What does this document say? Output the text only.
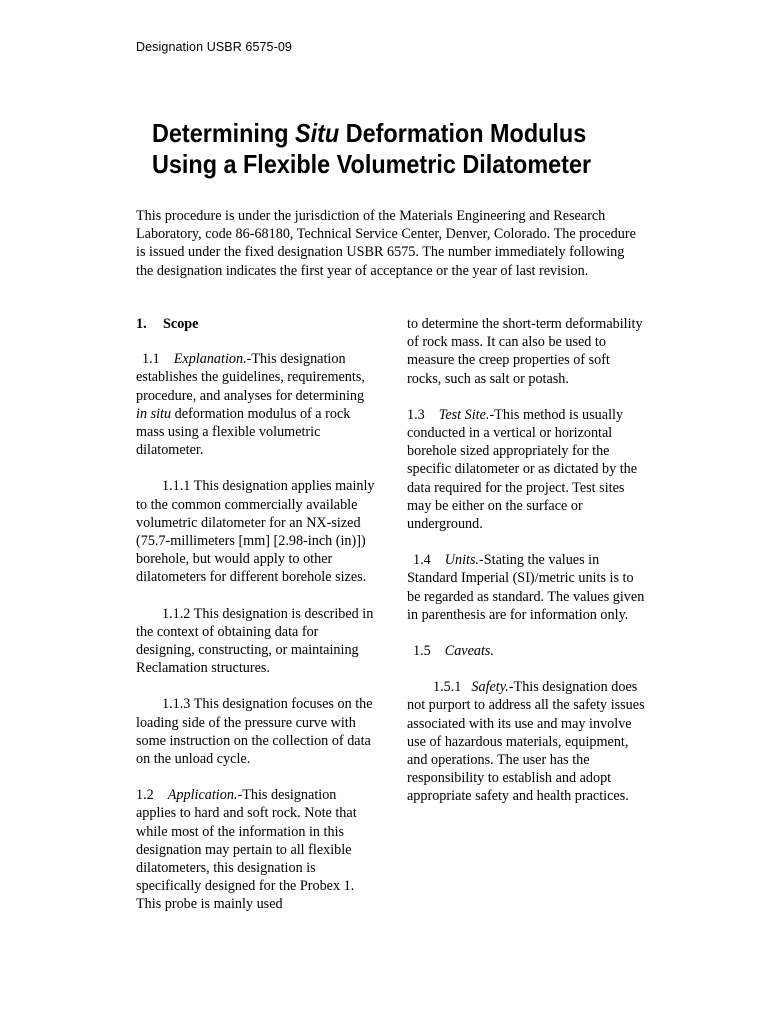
Designation USBR 6575-09
Determining Situ Deformation Modulus
Using a Flexible Volumetric Dilatometer
This procedure is under the jurisdiction of the Materials Engineering and Research Laboratory, code 86-68180, Technical Service Center, Denver, Colorado. The procedure is issued under the fixed designation USBR 6575. The number immediately following the designation indicates the first year of acceptance or the year of last revision.

1. Scope

1.1 Explanation.-This designation establishes the guidelines, requirements, procedure, and analyses for determining in situ deformation modulus of a rock mass using a flexible volumetric dilatometer.

1.1.1 This designation applies mainly to the common commercially available volumetric dilatometer for an NX-sized (75.7-millimeters [mm] [2.98-inch (in)]) borehole, but would apply to other dilatometers for different borehole sizes.

1.1.2 This designation is described in the context of obtaining data for designing, constructing, or maintaining Reclamation structures.

1.1.3 This designation focuses on the loading side of the pressure curve with some instruction on the collection of data on the unload cycle.

1.2 Application.-This designation applies to hard and soft rock. Note that while most of the information in this designation may pertain to all flexible dilatometers, this designation is specifically designed for the Probex 1. This probe is mainly used

to determine the short-term deformability of rock mass. It can also be used to measure the creep properties of soft rocks, such as salt or potash.

1.3 Test Site.-This method is usually conducted in a vertical or horizontal borehole sized appropriately for the specific dilatometer or as dictated by the data required for the project. Test sites may be either on the surface or underground.

1.4 Units.-Stating the values in Standard Imperial (SI)/metric units is to be regarded as standard. The values given in parenthesis are for information only.

1.5 Caveats.

1.5.1 Safety.-This designation does not purport to address all the safety issues associated with its use and may involve use of hazardous materials, equipment, and operations. The user has the responsibility to establish and adopt appropriate safety and health practices.
